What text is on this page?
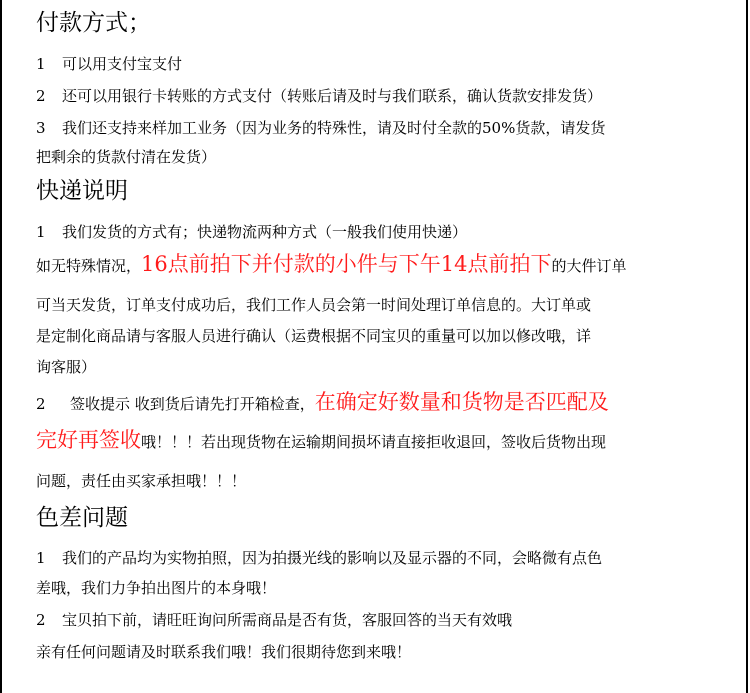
付款方式；
1 可以用支付宝支付
2 还可以用银行卡转账的方式支付（转账后请及时与我们联系，确认货款安排发货）
3 我们还支持来样加工业务（因为业务的特殊性，请及时付全款的50%货款，请发货
把剩余的货款付清在发货）
快递说明
1 我们发货的方式有；快递物流两种方式（一般我们使用快递）
如无特殊情况，16点前拍下并付款的小件与下午14点前拍下的大件订单
可当天发货，订单支付成功后，我们工作人员会第一时间处理订单信息的。大订单或
是定制化商品请与客服人员进行确认（运费根据不同宝贝的重量可以加以修改哦，详
询客服）
2 签收提示 收到货后请先打开箱检查，在确定好数量和货物是否匹配及
完好再签收哦！！！若出现货物在运输期间损坏请直接拒收退回，签收后货物出现
问题，责任由买家承担哦！！！
色差问题
1 我们的产品均为实物拍照，因为拍摄光线的影响以及显示器的不同，会略微有点色
差哦，我们力争拍出图片的本身哦！
2 宝贝拍下前，请旺旺询问所需商品是否有货，客服回答的当天有效哦
亲有任何问题请及时联系我们哦！我们很期待您到来哦！
